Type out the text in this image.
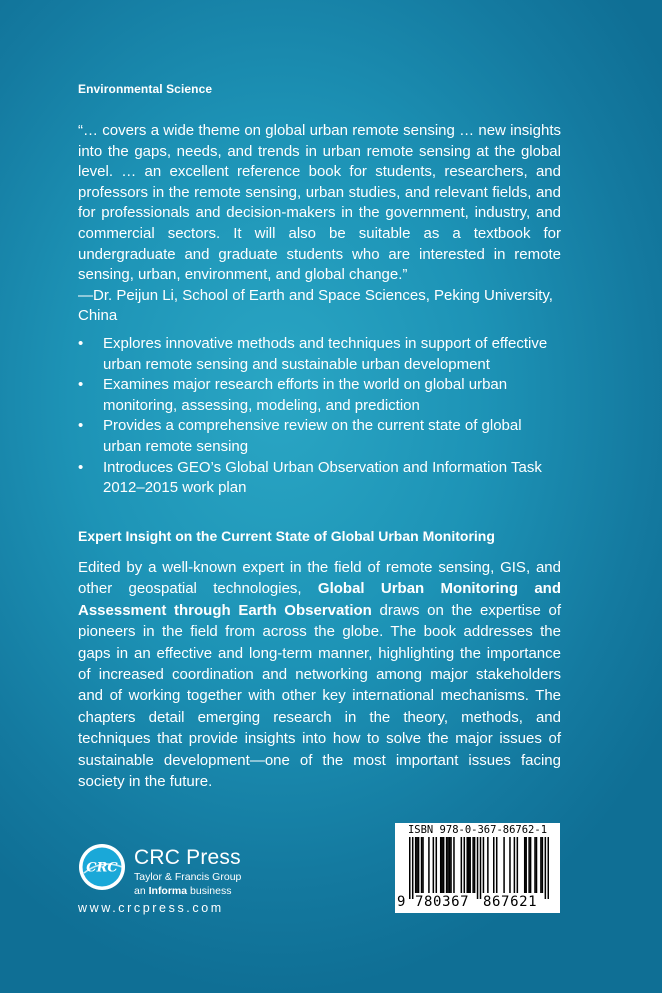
Environmental Science

“… covers a wide theme on global urban remote sensing … new insights into the gaps, needs, and trends in urban remote sensing at the global level. … an excellent reference book for students, researchers, and professors in the remote sensing, urban studies, and relevant fields, and for professionals and decision-makers in the government, industry, and commercial sectors. It will also be suitable as a textbook for undergraduate and graduate students who are interested in remote sensing, urban, environment, and global change.”

—Dr. Peijun Li, School of Earth and Space Sciences, Peking University, China

• Explores innovative methods and techniques in support of effective urban remote sensing and sustainable urban development
• Examines major research efforts in the world on global urban monitoring, assessing, modeling, and prediction
• Provides a comprehensive review on the current state of global urban remote sensing
• Introduces GEO’s Global Urban Observation and Information Task 2012–2015 work plan
Expert Insight on the Current State of Global Urban Monitoring

Edited by a well-known expert in the field of remote sensing, GIS, and other geospatial technologies, Global Urban Monitoring and Assessment through Earth Observation draws on the expertise of pioneers in the field from across the globe. The book addresses the gaps in an effective and long-term manner, highlighting the importance of increased coordination and networking among major stakeholders and of working together with other key international mechanisms. The chapters detail emerging research in the theory, methods, and techniques that provide insights into how to solve the major issues of sustainable development—one of the most important issues facing society in the future.

CRC CRC Press
Taylor & Francis Group
an Informa business
www.crcpress.com
ISBN 978-0-367-86762-1
9 780367 867621
